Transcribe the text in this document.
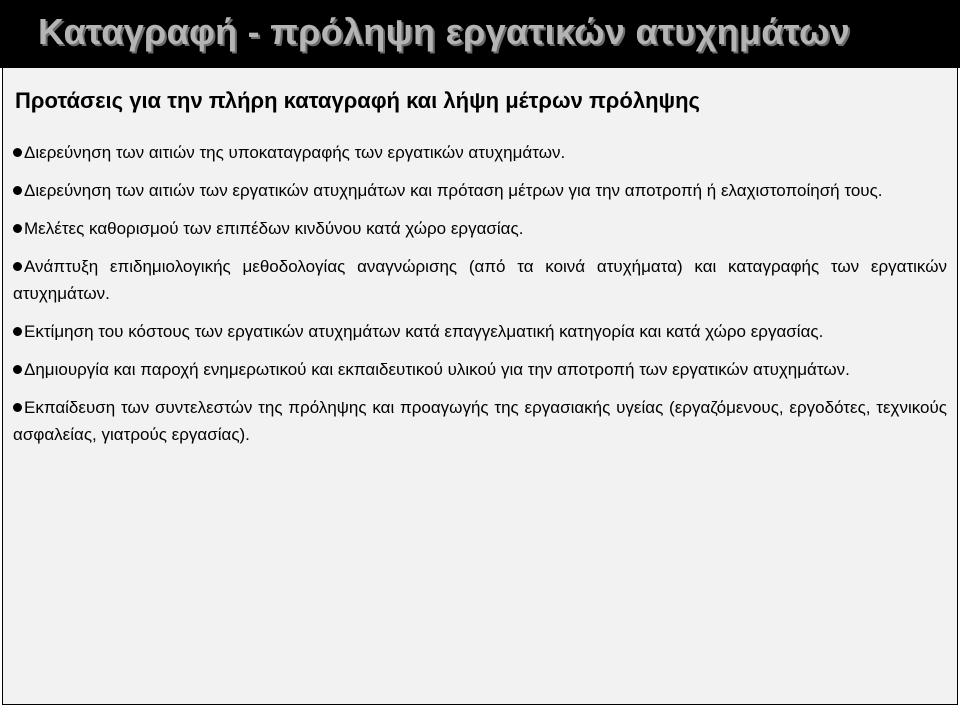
Καταγραφή - πρόληψη εργατικών ατυχημάτων
Προτάσεις για την πλήρη καταγραφή και λήψη μέτρων πρόληψης
Διερεύνηση των αιτιών της υποκαταγραφής των εργατικών ατυχημάτων.
Διερεύνηση των αιτιών των εργατικών ατυχημάτων και πρόταση μέτρων για την αποτροπή ή ελαχιστοποίησή τους.
Μελέτες καθορισμού των επιπέδων κινδύνου κατά χώρο εργασίας.
Ανάπτυξη επιδημιολογικής μεθοδολογίας αναγνώρισης (από τα κοινά ατυχήματα) και καταγραφής των εργατικών ατυχημάτων.
Εκτίμηση του κόστους των εργατικών ατυχημάτων κατά επαγγελματική κατηγορία και κατά χώρο εργασίας.
Δημιουργία και παροχή ενημερωτικού και εκπαιδευτικού υλικού για την αποτροπή των εργατικών ατυχημάτων.
Εκπαίδευση των συντελεστών της πρόληψης και προαγωγής της εργασιακής υγείας (εργαζόμενους, εργοδότες, τεχνικούς ασφαλείας, γιατρούς εργασίας).
